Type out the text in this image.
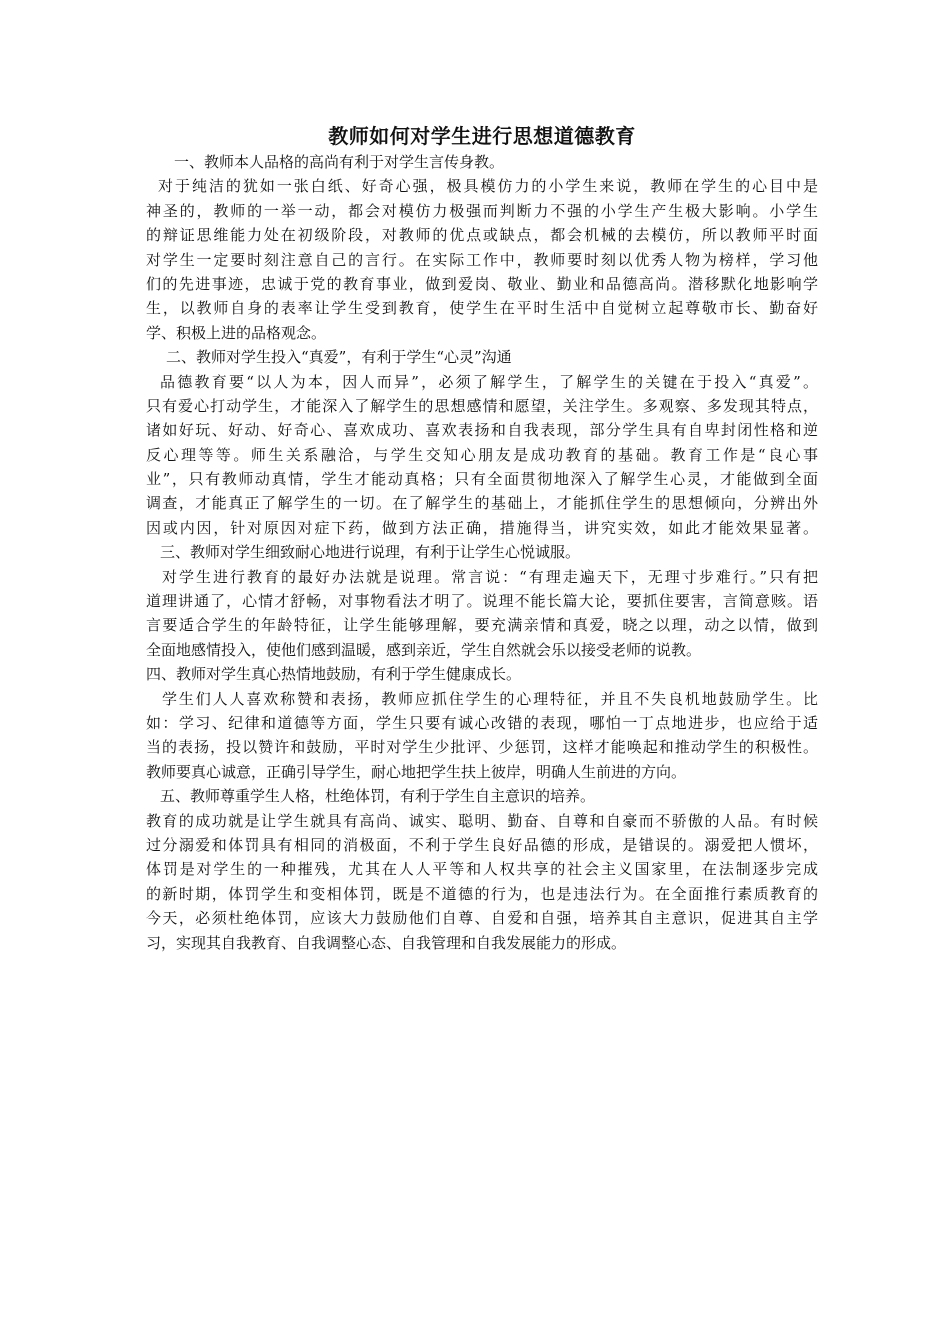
教师如何对学生进行思想道德教育
一、教师本人品格的高尚有利于对学生言传身教。
对于纯洁的犹如一张白纸、好奇心强，极具模仿力的小学生来说，教师在学生的心目中是
神圣的，教师的一举一动，都会对模仿力极强而判断力不强的小学生产生极大影响。小学生
的辩证思维能力处在初级阶段，对教师的优点或缺点，都会机械的去模仿，所以教师平时面
对学生一定要时刻注意自己的言行。在实际工作中，教师要时刻以优秀人物为榜样，学习他
们的先进事迹，忠诚于党的教育事业，做到爱岗、敬业、勤业和品德高尚。潜移默化地影响学
生，以教师自身的表率让学生受到教育，使学生在平时生活中自觉树立起尊敬市长、勤奋好
学、积极上进的品格观念。
二、教师对学生投入“真爱”，有利于学生“心灵”沟通
品德教育要“以人为本，因人而异”，必须了解学生，了解学生的关键在于投入“真爱”。
只有爱心打动学生，才能深入了解学生的思想感情和愿望，关注学生。多观察、多发现其特点，
诸如好玩、好动、好奇心、喜欢成功、喜欢表扬和自我表现，部分学生具有自卑封闭性格和逆
反心理等等。师生关系融洽，与学生交知心朋友是成功教育的基础。教育工作是“良心事
业”，只有教师动真情，学生才能动真格；只有全面贯彻地深入了解学生心灵，才能做到全面
调查，才能真正了解学生的一切。在了解学生的基础上，才能抓住学生的思想倾向，分辨出外
因或内因，针对原因对症下药，做到方法正确，措施得当，讲究实效，如此才能效果显著。
三、教师对学生细致耐心地进行说理，有利于让学生心悦诚服。
对学生进行教育的最好办法就是说理。常言说：“有理走遍天下，无理寸步难行。”只有把
道理讲通了，心情才舒畅，对事物看法才明了。说理不能长篇大论，要抓住要害，言简意赅。语
言要适合学生的年龄特征，让学生能够理解，要充满亲情和真爱，晓之以理，动之以情，做到
全面地感情投入，使他们感到温暖，感到亲近，学生自然就会乐以接受老师的说教。
四、教师对学生真心热情地鼓励，有利于学生健康成长。
学生们人人喜欢称赞和表扬，教师应抓住学生的心理特征，并且不失良机地鼓励学生。比
如：学习、纪律和道德等方面，学生只要有诚心改错的表现，哪怕一丁点地进步，也应给于适
当的表扬，投以赞许和鼓励，平时对学生少批评、少惩罚，这样才能唤起和推动学生的积极性。
教师要真心诚意，正确引导学生，耐心地把学生扶上彼岸，明确人生前进的方向。
五、教师尊重学生人格，杜绝体罚，有利于学生自主意识的培养。
教育的成功就是让学生就具有高尚、诚实、聪明、勤奋、自尊和自豪而不骄傲的人品。有时候
过分溺爱和体罚具有相同的消极面，不利于学生良好品德的形成，是错误的。溺爱把人惯坏，
体罚是对学生的一种摧残，尤其在人人平等和人权共享的社会主义国家里，在法制逐步完成
的新时期，体罚学生和变相体罚，既是不道德的行为，也是违法行为。在全面推行素质教育的
今天，必须杜绝体罚，应该大力鼓励他们自尊、自爱和自强，培养其自主意识，促进其自主学
习，实现其自我教育、自我调整心态、自我管理和自我发展能力的形成。
